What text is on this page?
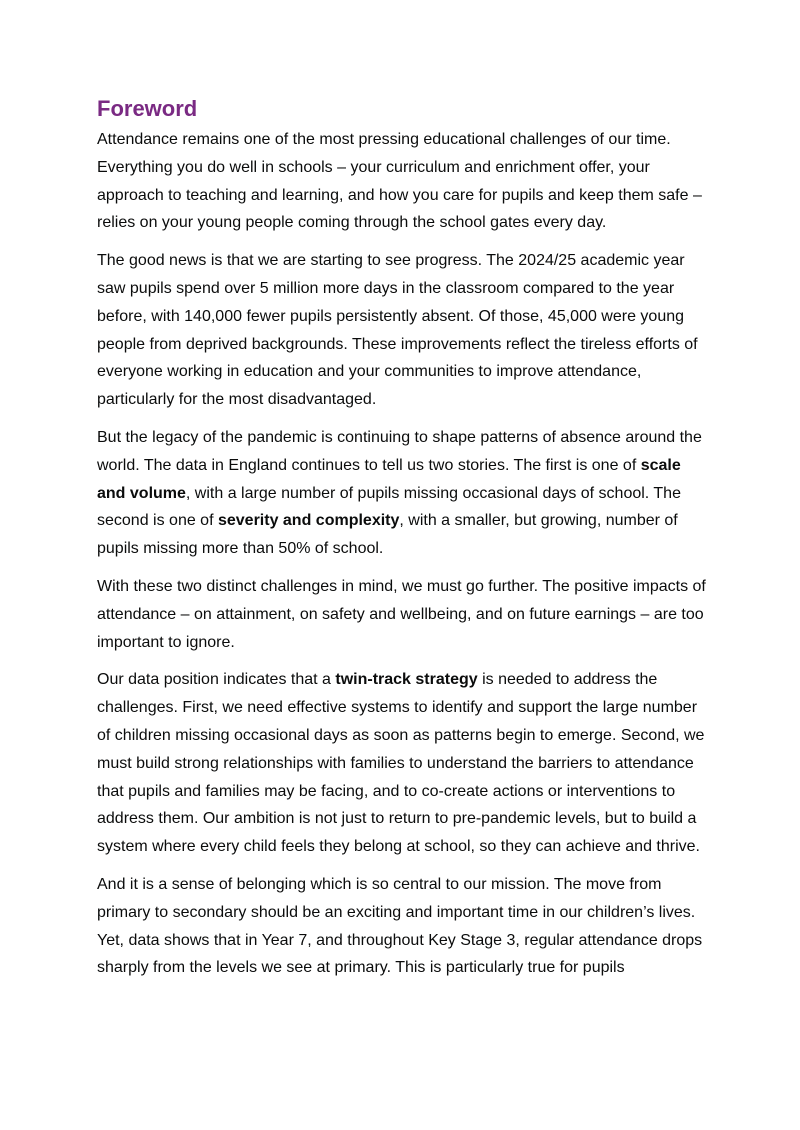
Foreword

Attendance remains one of the most pressing educational challenges of our time. Everything you do well in schools – your curriculum and enrichment offer, your approach to teaching and learning, and how you care for pupils and keep them safe – relies on your young people coming through the school gates every day.

The good news is that we are starting to see progress. The 2024/25 academic year saw pupils spend over 5 million more days in the classroom compared to the year before, with 140,000 fewer pupils persistently absent. Of those, 45,000 were young people from deprived backgrounds. These improvements reflect the tireless efforts of everyone working in education and your communities to improve attendance, particularly for the most disadvantaged.

But the legacy of the pandemic is continuing to shape patterns of absence around the world. The data in England continues to tell us two stories. The first is one of scale and volume, with a large number of pupils missing occasional days of school. The second is one of severity and complexity, with a smaller, but growing, number of pupils missing more than 50% of school.

With these two distinct challenges in mind, we must go further. The positive impacts of attendance – on attainment, on safety and wellbeing, and on future earnings – are too important to ignore.

Our data position indicates that a twin-track strategy is needed to address the challenges. First, we need effective systems to identify and support the large number of children missing occasional days as soon as patterns begin to emerge. Second, we must build strong relationships with families to understand the barriers to attendance that pupils and families may be facing, and to co-create actions or interventions to address them. Our ambition is not just to return to pre-pandemic levels, but to build a system where every child feels they belong at school, so they can achieve and thrive.

And it is a sense of belonging which is so central to our mission. The move from primary to secondary should be an exciting and important time in our children’s lives. Yet, data shows that in Year 7, and throughout Key Stage 3, regular attendance drops sharply from the levels we see at primary. This is particularly true for pupils
